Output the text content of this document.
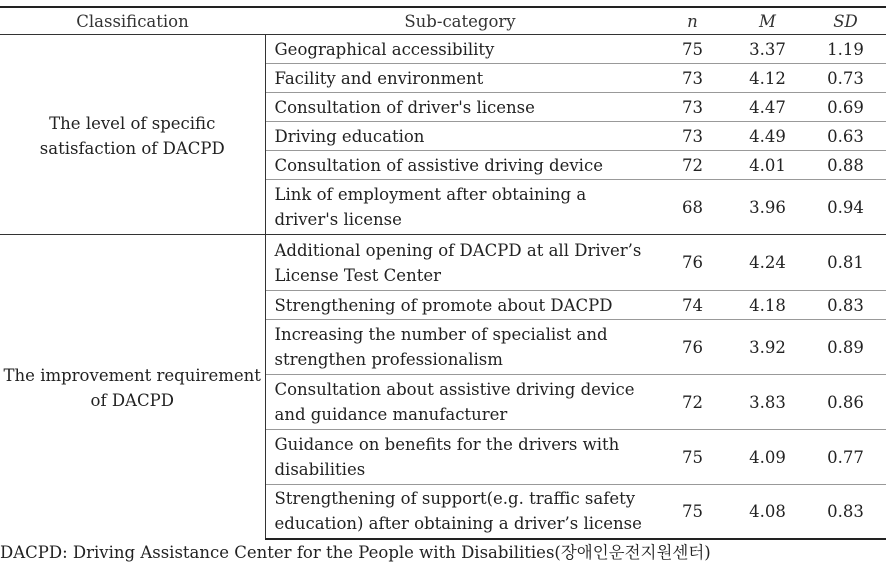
Classification	Sub-category	n	M	SD
The level of specific satisfaction of DACPD	Geographical accessibility	75	3.37	1.19
	Facility and environment	73	4.12	0.73
	Consultation of driver's license	73	4.47	0.69
	Driving education	73	4.49	0.63
	Consultation of assistive driving device	72	4.01	0.88
	Link of employment after obtaining a driver's license	68	3.96	0.94
The improvement requirement of DACPD	Additional opening of DACPD at all Driver’s License Test Center	76	4.24	0.81
	Strengthening of promote about DACPD	74	4.18	0.83
	Increasing the number of specialist and strengthen professionalism	76	3.92	0.89
	Consultation about assistive driving device and guidance manufacturer	72	3.83	0.86
	Guidance on benefits for the drivers with disabilities	75	4.09	0.77
	Strengthening of support(e.g. traffic safety education) after obtaining a driver’s license	75	4.08	0.83
DACPD: Driving Assistance Center for the People with Disabilities(장애인운전지원센터)
